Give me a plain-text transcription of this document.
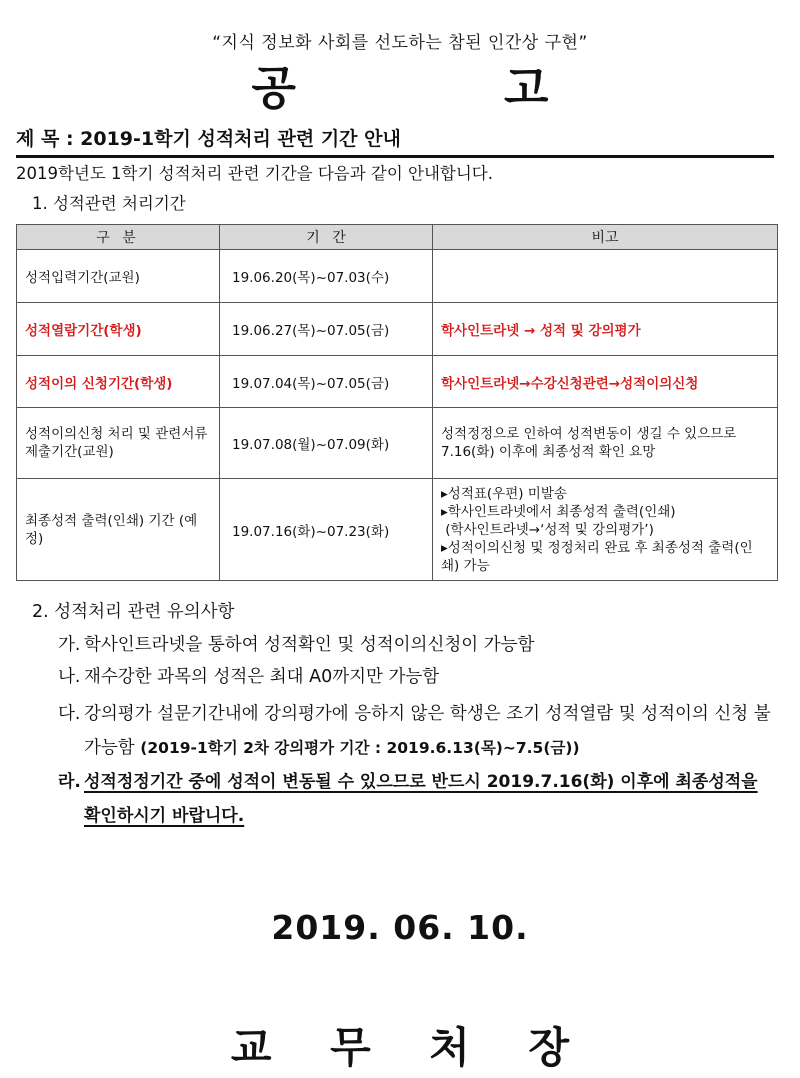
“지식 정보화 사회를 선도하는 참된 인간상 구현”
공 고
제 목 : 2019-1학기 성적처리 관련 기간 안내
2019학년도 1학기 성적처리 관련 기간을 다음과 같이 안내합니다.
1. 성적관련 처리기간
구 분	기 간	비고
성적입력기간(교원)	19.06.20(목)~07.03(수)	
성적열람기간(학생)	19.06.27(목)~07.05(금)	학사인트라넷 → 성적 및 강의평가
성적이의 신청기간(학생)	19.07.04(목)~07.05(금)	학사인트라넷→수강신청관련→성적이의신청
성적이의신청 처리 및 관련서류 제출기간(교원)	19.07.08(월)~07.09(화)	성적정정으로 인하여 성적변동이 생길 수 있으므로 7.16(화) 이후에 최종성적 확인 요망
최종성적 출력(인쇄) 기간 (예정)	19.07.16(화)~07.23(화)	▸성적표(우편) 미발송
▸학사인트라넷에서 최종성적 출력(인쇄)
(학사인트라넷→‘성적 및 강의평가’)
▸성적이의신청 및 정정처리 완료 후 최종성적 출력(인쇄) 가능
2. 성적처리 관련 유의사항
가. 학사인트라넷을 통하여 성적확인 및 성적이의신청이 가능함
나. 재수강한 과목의 성적은 최대 A0까지만 가능함
다. 강의평가 설문기간내에 강의평가에 응하지 않은 학생은 조기 성적열람 및 성적이의 신청 불가능함 (2019-1학기 2차 강의평가 기간 : 2019.6.13(목)~7.5(금))
라. 성적정정기간 중에 성적이 변동될 수 있으므로 반드시 2019.7.16(화) 이후에 최종성적을 확인하시기 바랍니다.
2019. 06. 10.
교 무 처 장
